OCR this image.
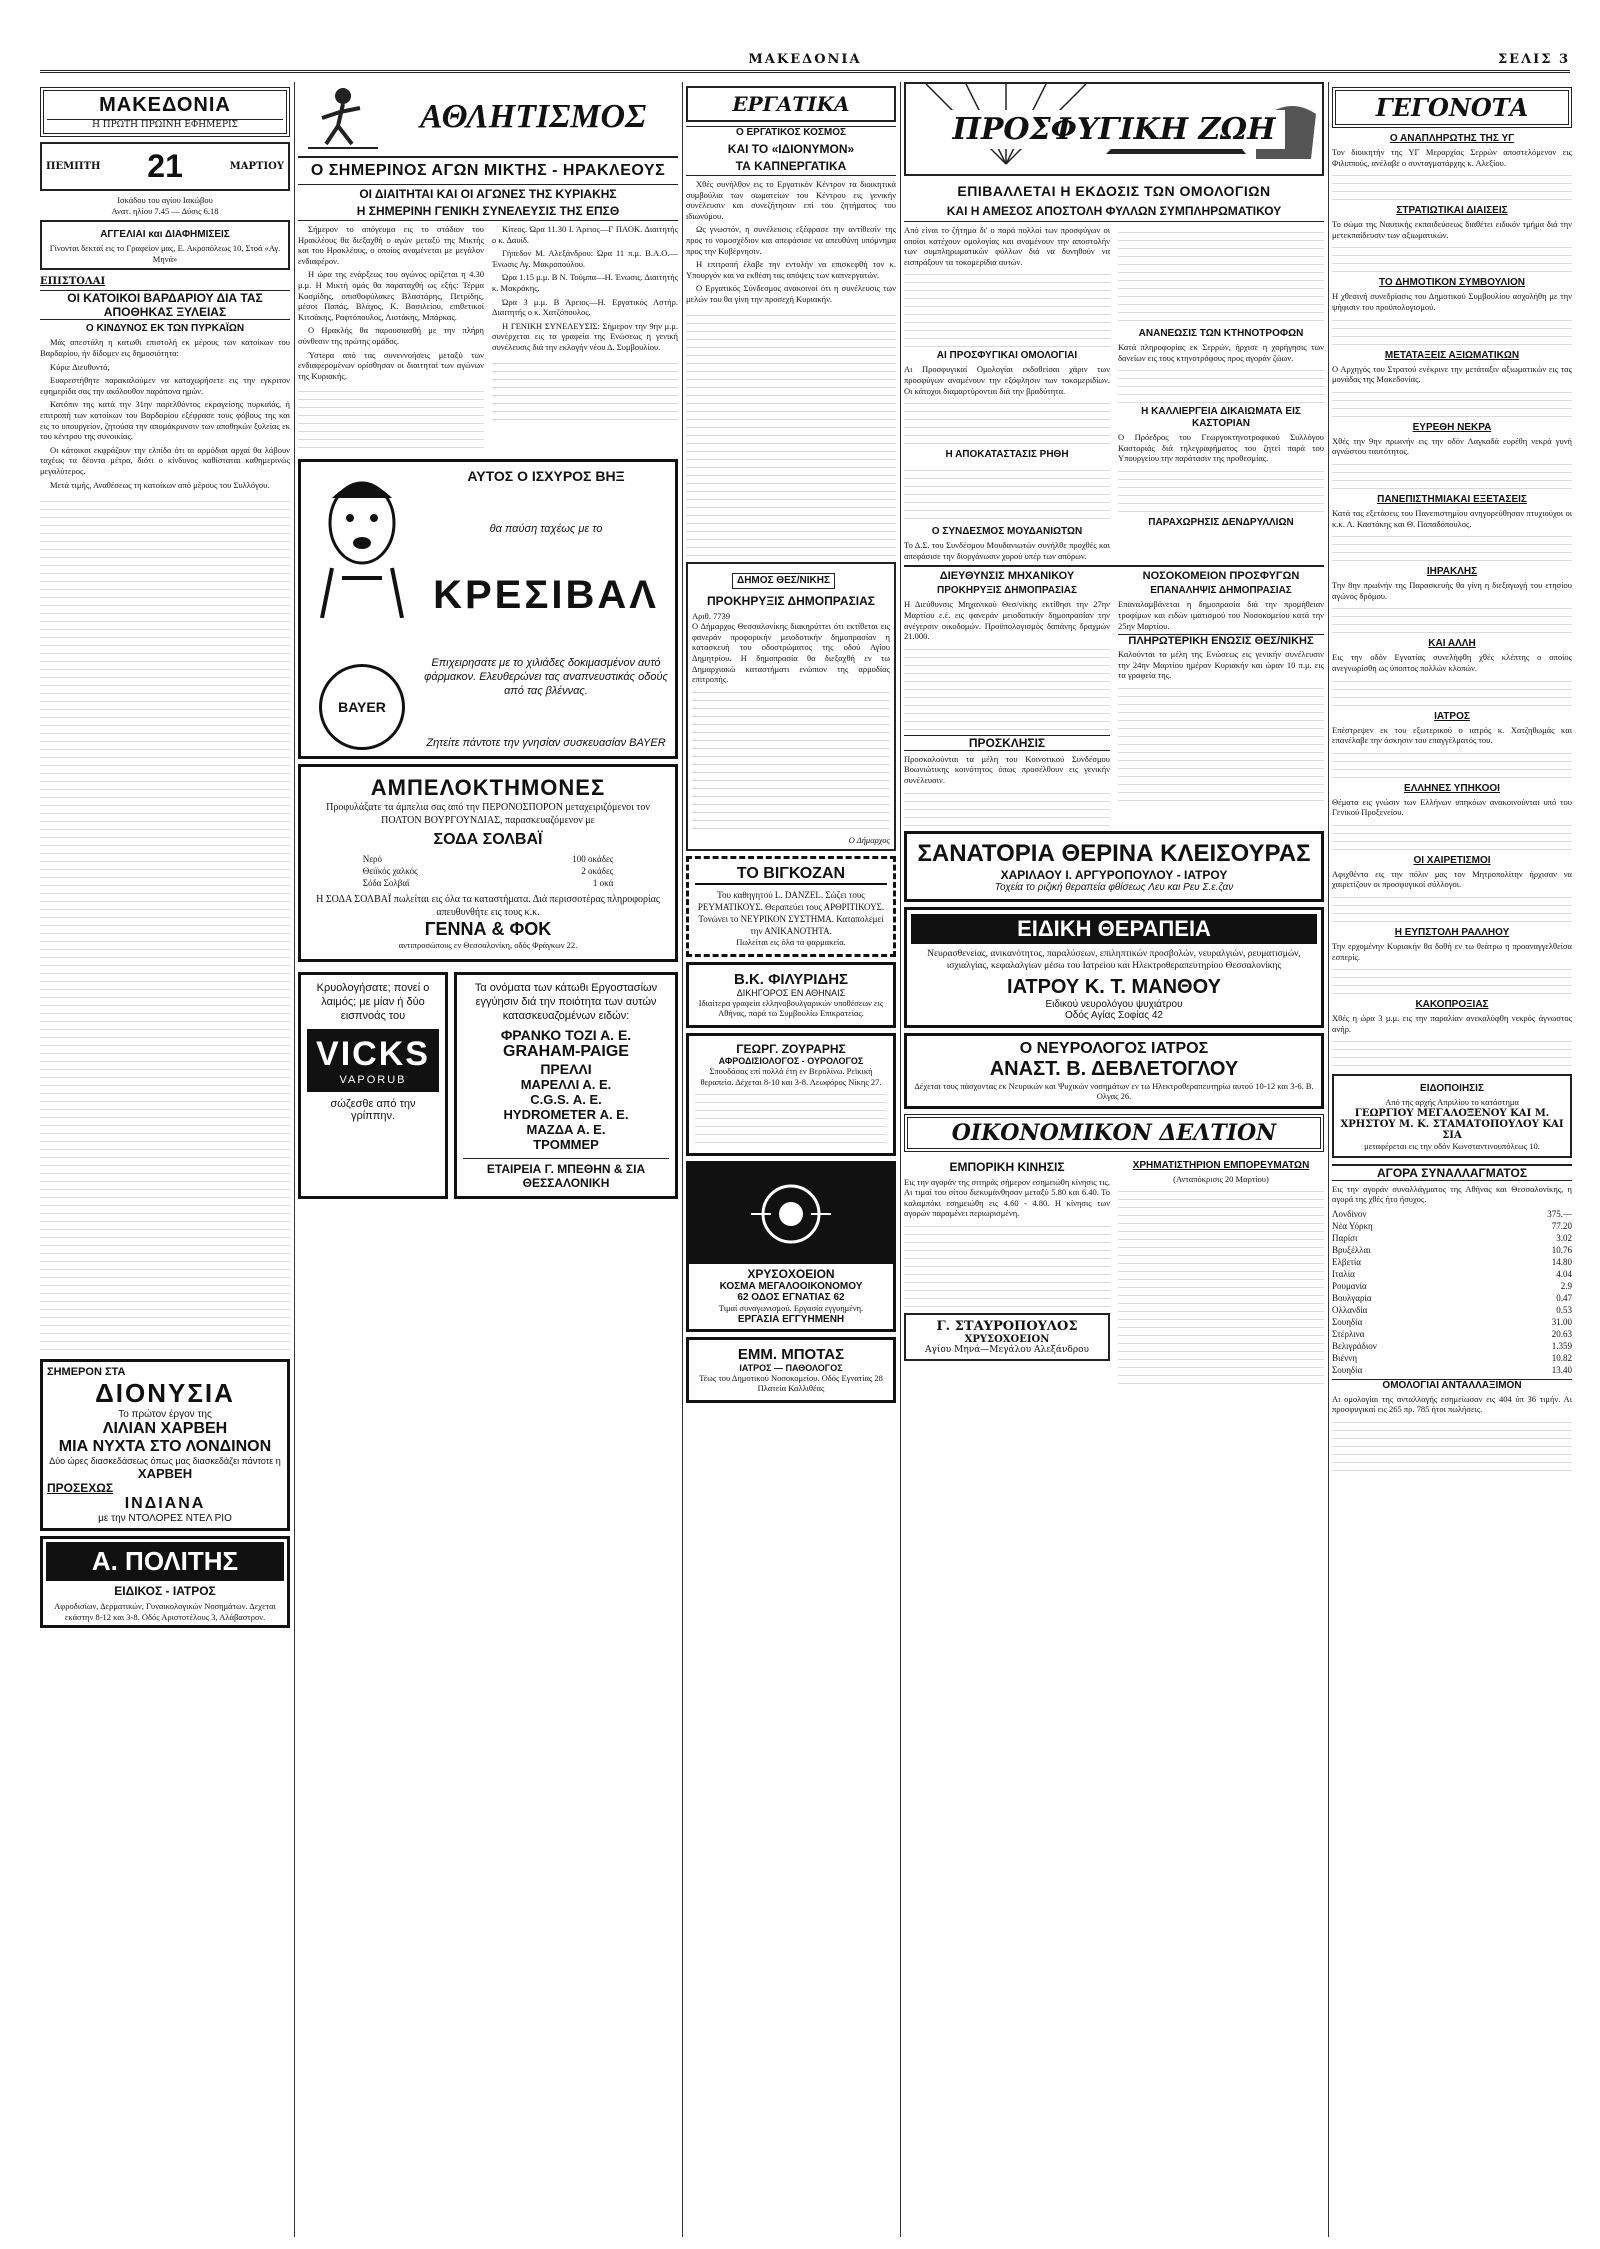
ΜΑΚΕΔΟΝΙΑ	ΣΕΛΙΣ 3
ΜΑΚΕΔΟΝΙΑ
Η ΠΡΩΤΗ ΠΡΩΙΝΗ ΕΦΗΜΕΡΙΣ
ΠΕΜΠΤΗ 21	ΜΑΡΤΙΟΥ
Ισκάδου του αγίου Ιακώβου
Ανατ. ηλίου 7.45 — Δύσις 6.18
ΑΓΓΕΛΙΑΙ και ΔΙΑΦΗΜΙΣΕΙΣ
Γίνονται δεκταί εις το Γραφείον μας, Ε. Ακροπόλεως 10, Στοά «Αγ. Μηνά»
ΕΠΙΣΤΟΛΑΙ
ΟΙ ΚΑΤΟΙΚΟΙ ΒΑΡΔΑΡΙΟΥ ΔΙΑ ΤΑΣ ΑΠΟΘΗΚΑΣ ΞΥΛΕΙΑΣ
Ο ΚΙΝΔΥΝΟΣ ΕΚ ΤΩΝ ΠΥΡΚΑΪΩΝ

Μάς απεστάλη η κατωθι επιστολή εκ μέρους των κατοίκων του Βαρδαρίου, ήν δίδομεν εις δημοσιότητα:

Κύριε Διευθυντά,

Ευαρεστήθητε παρακαλούμεν να καταχωρήσετε εις την εγκριτον εφημερίδα σας την ακόλουθον παράπονα ημών.

Κατόπιν της κατά την 31ην παρελθόντος εκραγείσης πυρκαϊάς, ή επιτροπή των κατοίκων του Βαρδαρίου εξέφρασε τους φόβους της και εις το υπουργείον, ζητούσα την απομάκρυνσιν των αποθηκών ξυλείας εκ του κέντρου της συνοικίας.

Οι κάτοικοι εκφράζουν την ελπίδα ότι αι αρμόδιαι αρχαί θα λάβουν ταχέως τα δέοντα μέτρα, διότι ο κίνδυνος καθίσταται καθημερινώς μεγαλύτερος.

Μετά τιμής, Αναθέσεως τη κατοίκων από μέρους του Συλλόγου.

ΣΗΜΕΡΟΝ ΣΤΑ
ΔΙΟΝΥΣΙΑ
Το πρώτον έργον της
ΛΙΛΙΑΝ ΧΑΡΒΕΗ
ΜΙΑ ΝΥΧΤΑ ΣΤΟ ΛΟΝΔΙΝΟΝ
Δύο ώρες διασκεδάσεως όπως μας διασκεδάζει πάντοτε η
ΧΑΡΒΕΗ
ΠΡΟΣΕΧΩΣ
ΙΝΔΙΑΝΑ
με την ΝΤΟΛΟΡΕΣ ΝΤΕΛ ΡΙΟ
Α. ΠΟΛΙΤΗΣ
ΕΙΔΙΚΟΣ - ΙΑΤΡΟΣ
Αφροδισίων, Δερματικών, Γυναικολογικών Νοσημάτων. Δεχεται εκάστην 8-12 και 3-8. Οδός Αριστοτέλους 3, Αλάβαστρον.
ΑΘΛΗΤΙΣΜΟΣ
Ο ΣΗΜΕΡΙΝΟΣ ΑΓΩΝ ΜΙΚΤΗΣ - ΗΡΑΚΛΕΟΥΣ
ΟΙ ΔΙΑΙΤΗΤΑΙ ΚΑΙ ΟΙ ΑΓΩΝΕΣ ΤΗΣ ΚΥΡΙΑΚΗΣ
Η ΣΗΜΕΡΙΝΗ ΓΕΝΙΚΗ ΣΥΝΕΛΕΥΣΙΣ ΤΗΣ ΕΠΣΘ

Σήμερον το απόγευμα εις το στάδιον του Ηρακλέους θα διεξαχθή ο αγών μεταξύ της Μικτής και του Ηρακλέους, ο οποίος αναμένεται με μεγάλον ενδιαφέρον.

Η ώρα της ενάρξεως του αγώνος ορίζεται η 4.30 μ.μ. Η Μικτή ομάς θα παραταχθή ως εξής: Τέρμα Κοσμίδης, οπισθοφύλακες Βλαστάρης, Πετρίδης, μέσοι Παπάς, Βλάχος, Κ. Βασιλείου, επιθετικοί Κιτσάκης, Ραφτόπουλος, Λιοτάκης, Μπάρκας.

Ο Ηρακλής θα παρουσιασθή με την πλήρη σύνθεσιν της πρώτης ομάδος.

Ύστερα από τας συνεννοήσεις μεταξύ των ενδιαφερομένων ορίσθησαν οι διαιτηταί των αγώνων της Κυριακής.

Κίτεος. Ώρα 11.30 Ι. Άρειος—Γ ΠΑΟΚ. Διαιτητής ο κ. Δαυίδ.

Γήπεδον Μ. Αλεξάνδρου: Ώρα 11 π.μ. Β.Α.Ο.—Ένωσις Αγ. Μακροπούλου.

Ώρα 1.15 μ.μ. Β Ν. Τούμπα—Η. Ένωσις. Διαιτητής κ. Μακράκης.

Ώρα 3 μ.μ. Β Άρειος—Η. Εργατικός Αστήρ. Διαιτητής ο κ. Χατζόπουλος.

Η ΓΕΝΙΚΗ ΣΥΝΕΛΕΥΣΙΣ: Σήμερον την 9ην μ.μ. συνέρχεται εις τα γραφεία της Ενώσεως η γενική συνέλευσις διά την εκλογήν νέου Δ. Συμβουλίου.

BAYER
ΑΥΤΟΣ Ο ΙΣΧΥΡΟΣ ΒΗΞ
θα παύση ταχέως με το
ΚΡΕΣΙΒΑΛ
Επιχειρησατε με το χιλιάδες δοκιμασμένον αυτό φάρμακον. Ελευθερώνει τας αναπνευστικάς οδούς από τας βλέννας.
Ζητείτε πάντοτε την γνησίαν συσκευασίαν BAYER
ΑΜΠΕΛΟΚΤΗΜΟΝΕΣ
Προφυλάξατε τα άμπελια σας από την ΠΕΡΟΝΟΣΠΟΡΟΝ μεταχειριζόμενοι τον ΠΟΛΤΟΝ ΒΟΥΡΓΟΥΝΔΙΑΣ, παρασκευαζόμενον με
ΣΟΔΑ ΣΟΛΒΑΪ
Νερό	100 οκάδες
Θειϊκός χαλκός	2 οκάδες
Σόδα Σολβαϊ	1 οκά
Η ΣΟΔΑ ΣΟΛΒΑΪ πωλείται εις όλα τα καταστήματα. Διά περισσοτέρας πληροφορίας απευθυνθήτε εις τους κ.κ.
ΓΕΝΝΑ & ΦΟΚ
αντιπροσώπους εν Θεσσαλονίκη, οδός Φράγκων 22.
Κρυολογήσατε; πονεί ο λαιμός; με μίαν ή δύο εισπνοάς του
VICKS
VAPORUB
σώζεσθε από την γρίππην.
Τα ονόματα των κάτωθι Εργοστασίων εγγύησιν διά την ποιότητα των αυτών κατασκευαζομένων ειδών:
ΦΡΑΝΚΟ ΤΟΖΙ Α. Ε.
GRAHAM-PAIGE
ΠΡΕΛΛΙ
ΜΑΡΕΛΛΙ Α. Ε.
C.G.S. Α. Ε.
HYDROMETER Α. Ε.
ΜΑΖΔΑ Α. Ε.
ΤΡΟΜΜΕΡ
ΕΤΑΙΡΕΙΑ Γ. ΜΠΕΘΗΝ & ΣΙΑ
ΘΕΣΣΑΛΟΝΙΚΗ
ΕΡΓΑΤΙΚΑ
Ο ΕΡΓΑΤΙΚΟΣ ΚΟΣΜΟΣ
ΚΑΙ ΤΟ «ΙΔΙΟΝΥΜΟΝ»
ΤΑ ΚΑΠΝΕΡΓΑΤΙΚΑ

Χθές συνήλθον εις το Εργατικόν Κέντρον τα διοικητικά συμβούλια των σωματείων του Κέντρου εις γενικήν συνέλευσιν και συνεζήτησαν επί του ζητήματος του ιδιωνύμου.

Ως γνωστόν, η συνέλευσις εξέφρασε την αντίθεσίν της προς το νομοσχέδιον και απεφάσισε να απευθύνη υπόμνημα προς την Κυβέρνησιν.

Η επιτροπή έλαβε την εντολήν να επισκεφθή τον κ. Υπουργόν και να εκθέση τας απόψεις των καπνεργατών.

Ο Εργατικός Σύνδεσμος ανακοινοί ότι η συνέλευσις των μελών του θα γίνη την προσεχή Κυριακήν.

ΔΗΜΟΣ ΘΕΣ/ΝΙΚΗΣ
ΠΡΟΚΗΡΥΞΙΣ ΔΗΜΟΠΡΑΣΙΑΣ
Αριθ. 7739
Ο Δήμαρχος Θεσσαλονίκης διακηρύττει ότι εκτίθεται εις φανεράν προφορικήν μειοδοτικήν δημοπρασίαν η κατασκευή του οδοστρώματος της οδού Αγίου Δημητρίου. Η δημοπρασία θα διεξαχθή εν τω Δημαρχιακώ καταστήματι ενώπιον της αρμοδίας επιτροπής.
Ο Δήμαρχος
ΤΟ ΒΙΓΚΟΖΑΝ
Του καθηγητού L. DANZEL. Σώζει τους ΡΕΥΜΑΤΙΚΟΥΣ. Θεραπεύει τους ΑΡΘΡΙΤΙΚΟΥΣ. Τονώνει το ΝΕΥΡΙΚΟΝ ΣΥΣΤΗΜΑ. Καταπολεμεί την ΑΝΙΚΑΝΟΤΗΤΑ.
Πωλείται εις όλα τα φαρμακεία.
Β.Κ. ΦΙΛΥΡΙΔΗΣ
ΔΙΚΗΓΟΡΟΣ ΕΝ ΑΘΗΝΑΙΣ
Ιδιαίτερα γραφεία ελληνοβουλγαρικών υποθέσεων εις Αθήνας, παρά τω Συμβουλίω Επικρατείας.
ΓΕΩΡΓ. ΖΟΥΡΑΡΗΣ
ΑΦΡΟΔΙΣΙΟΛΟΓΟΣ - ΟΥΡΟΛΟΓΟΣ
Σπουδάσας επί πολλά έτη εν Βερολίνω. Ρεϊκική θεραπεία. Δέχεται 8-10 και 3-8. Λεωφόρος Νίκης 27.
ΧΡΥΣΟΧΟΕΙΟΝ
ΚΟΣΜΑ ΜΕΓΑΛΟΟΙΚΟΝΟΜΟΥ
62 ΟΔΟΣ ΕΓΝΑΤΙΑΣ 62
Τιμαί συναγωνισμού. Εργασία εγγυημένη.
ΕΡΓΑΣΙΑ ΕΓΓΥΗΜΕΝΗ
ΕΜΜ. ΜΠΟΤΑΣ
ΙΑΤΡΟΣ — ΠΑΘΟΛΟΓΟΣ
Τέως του Δημοτικού Νοσοκομείου. Οδός Εγνατίας 28 Πλατεία Καλλιθέας
ΠΡΟΣΦΥΓΙΚΗ ΖΩΗ
ΕΠΙΒΑΛΛΕΤΑΙ Η ΕΚΔΟΣΙΣ ΤΩΝ ΟΜΟΛΟΓΙΩΝ
ΚΑΙ Η ΑΜΕΣΟΣ ΑΠΟΣΤΟΛΗ ΦΥΛΛΩΝ ΣΥΜΠΛΗΡΩΜΑΤΙΚΟΥ
Από είναι το ζήτημα δι' ο παρά πολλοί των προσφύγων οι οποίοι κατέχουν ομολογίας και αναμένουν την αποστολήν των συμπληρωματικών φύλλων διά να δυνηθούν να εισπράξουν τα τοκομερίδια αυτών.
ΑΙ ΠΡΟΣΦΥΓΙΚΑΙ ΟΜΟΛΟΓΙΑΙ
Αι Προσφυγικαί Ομολογίαι εκδοθείσαι χάριν των προσφύγων αναμένουν την εξόφλησιν των τοκομεριδίων. Οι κάτοχοι διαμαρτύρονται διά την βραδύτητα.
Η ΑΠΟΚΑΤΑΣΤΑΣΙΣ ΡΗΘΗ
Ο ΣΥΝΔΕΣΜΟΣ ΜΟΥΔΑΝΙΩΤΩΝ
Το Δ.Σ. του Συνδέσμου Μουδανιωτών συνήλθε προχθές και απεφάσισε την διοργάνωσιν χορού υπέρ των απόρων.
ΑΝΑΝΕΩΣΙΣ ΤΩΝ ΚΤΗΝΟΤΡΟΦΩΝ
Κατά πληροφορίας εκ Σερρών, ήρχισε η χορήγησις των δανείων εις τους κτηνοτρόφους προς αγοράν ζώων.
Η ΚΑΛΛΙΕΡΓΕΙΑ ΔΙΚΑΙΩΜΑΤΑ ΕΙΣ ΚΑΣΤΟΡΙΑΝ
Ο Πρόεδρος του Γεωργοκτηνοτροφικού Συλλόγου Καστοριάς διά τηλεγραφήματος του ζητεί παρά του Υπουργείου την παράτασιν της προθεσμίας.
ΠΑΡΑΧΩΡΗΣΙΣ ΔΕΝΔΡΥΛΛΙΩΝ
ΔΙΕΥΘΥΝΣΙΣ ΜΗΧΑΝΙΚΟΥ
ΠΡΟΚΗΡΥΞΙΣ ΔΗΜΟΠΡΑΣΙΑΣ
Η Διεύθυνσις Μηχανικού Θεσ/νίκης εκτίθησι την 27ην Μαρτίου ε.έ. εις φανεράν μειοδοτικήν δημοπρασίαν την ανέγερσιν οικοδομών. Προϋπολογισμός δαπάνης δραχμών 21.000.
ΠΡΟΣΚΛΗΣΙΣ
Προσκαλούνται τα μέλη του Κοινοτικού Συνδέσμου Βοωνιώτικης κοινότητος όπως προσέλθουν εις γενικήν συνέλευσιν.
ΝΟΣΟΚΟΜΕΙΟΝ ΠΡΟΣΦΥΓΩΝ
ΕΠΑΝΑΛΗΨΙΣ ΔΗΜΟΠΡΑΣΙΑΣ
Επαναλαμβάνεται η δημοπρασία διά την προμήθειαν τροφίμων και ειδών ιματισμού του Νοσοκομείου κατά την 25ην Μαρτίου.
ΠΛΗΡΩΤΕΡΙΚΗ ΕΝΩΣΙΣ ΘΕΣ/ΝΙΚΗΣ
Καλούνται τα μέλη της Ενώσεως εις γενικήν συνέλευσιν την 24ην Μαρτίου ημέραν Κυριακήν και ώραν 10 π.μ. εις τα γραφεία της.
ΣΑΝΑΤΟΡΙΑ ΘΕΡΙΝΑ ΚΛΕΙΣΟΥΡΑΣ
ΧΑΡΙΛΑΟΥ Ι. ΑΡΓΥΡΟΠΟΥΛΟΥ - ΙΑΤΡΟΥ
Τοχεία το ριζική θεραπεία φθίσεως Λευ και Ρευ Σ.ε.ζαν
ΕΙΔΙΚΗ ΘΕΡΑΠΕΙΑ
Νευρασθενείας, ανικανότητος, παραλύσεων, επιληπτικών προσβολών, νευραλγιών, ρευματισμών, ισχιαλγίας, κεφαλαλγίων μέσω του Ιατρείου και Ηλεκτροθεραπευτηρίου Θεσσαλονίκης
ΙΑΤΡΟΥ Κ. Τ. ΜΑΝΘΟΥ
Ειδικού νευρολόγου ψυχιάτρου
Οδός Αγίας Σοφίας 42
Ο ΝΕΥΡΟΛΟΓΟΣ ΙΑΤΡΟΣ
ΑΝΑΣΤ. Β. ΔΕΒΛΕΤΟΓΛΟΥ
Δέχεται τους πάσχοντας εκ Νευρικών και Ψυχικών νοσημάτων εν τω Ηλεκτροθεραπευτηρίω αυτού 10-12 και 3-6. Β. Ολγας 26.
ΟΙΚΟΝΟΜΙΚΟΝ ΔΕΛΤΙΟΝ
ΕΜΠΟΡΙΚΗ ΚΙΝΗΣΙΣ
Εις την αγοράν της σιτηράς σήμερον εσημειώθη κίνησις τις. Αι τιμαί του σίτου διεκυμάνθησαν μεταξύ 5.80 και 6.40. Το καλαμπόκι εσημειώθη εις 4.60 - 4.80. Η κίνησις των αγορών παραμένει περιωρισμένη.
Γ. ΣΤΑΥΡΟΠΟΥΛΟΣ
ΧΡΥΣΟΧΟΕΙΟΝ
Αγίου Μηνά—Μεγάλου Αλεξάνδρου
ΧΡΗΜΑΤΙΣΤΗΡΙΟΝ ΕΜΠΟΡΕΥΜΑΤΩΝ
(Ανταπόκρισις 20 Μαρτίου)
ΓΕΓΟΝΟΤΑ
Ο ΑΝΑΠΛΗΡΩΤΗΣ ΤΗΣ ΥΓ
Τον διοικητήν της ΥΓ Μεραρχίας Σερρών αποστελόμενον εις Φιλιππούς, ανέλαβε ο συνταγματάρχης κ. Αλεξίου.
ΣΤΡΑΤΙΩΤΙΚΑΙ ΔΙΑΙΣΕΙΣ
Το σώμα της Ναυτικής εκπαιδεύσεως διαθέτει ειδικόν τμήμα διά την μετεκπαίδευσιν των αξιωματικών.
ΤΟ ΔΗΜΟΤΙΚΟΝ ΣΥΜΒΟΥΛΙΟΝ
Η χθεσινή συνεδρίασις του Δημοτικού Συμβουλίου ασχολήθη με την ψήφισιν του προϋπολογισμού.
ΜΕΤΑΤΑΞΕΙΣ ΑΞΙΩΜΑΤΙΚΩΝ
Ο Αρχηγός του Στρατού ενέκρινε την μετάταξιν αξιωματικών εις τας μονάδας της Μακεδονίας.
ΕΥΡΕΘΗ ΝΕΚΡΑ
Χθές την 9ην πρωινήν εις την οδόν Λαγκαδά ευρέθη νεκρά γυνή αγνώστου ταυτότητος.
ΠΑΝΕΠΙΣΤΗΜΙΑΚΑΙ ΕΞΕΤΑΣΕΙΣ
Κατά τας εξετάσεις του Πανεπιστημίου ανηγορεύθησαν πτυχιούχοι οι κ.κ. Λ. Καστάκης και Θ. Παπαδόπουλος.
ΙΗΡΑΚΛΗΣ
Την 8ην πρωϊνήν της Παρασκευής θα γίνη η διεξαγωγή του ετησίου αγώνος δρόμου.
ΚΑΙ ΑΛΛΗ
Εις την οδόν Εγνατίας συνελήφθη χθές κλέπτης ο οποίος ανεγνωρίσθη ως ύποπτος πολλών κλοπών.
ΙΑΤΡΟΣ
Επέστρεψεν εκ του εξωτερικού ο ιατρός κ. Χατζηθωμάς και επανέλαβε την άσκησιν του επαγγέλματός του.
ΕΛΛΗΝΕΣ ΥΠΗΚΟΟΙ
Θέματα εις γνώσιν των Ελλήνων υπηκόων ανακοινούνται υπό του Γενικού Προξενείου.
ΟΙ ΧΑΙΡΕΤΙΣΜΟΙ
Αφιχθέντα εις την πόλιν μας τον Μητροπολίτην ήρχισαν να χαιρετίζουν οι προσφυγικοί σύλλογοι.
Η ΕΥΠΣΤΟΛΗ ΡΑΛΛΗΟΥ
Την ερχομένην Κυριακήν θα δοθή εν τω θεάτρω η προαναγγελθείσα εσπερίς.
ΚΑΚΟΠΡΟΞΙΑΣ
Χθές η ώρα 3 μ.μ. εις την παραλίαν ανεκαλύφθη νεκρός άγνωστος ανήρ.
ΕΙΔΟΠΟΙΗΣΙΣ
Από της αρχής Απριλίου το κατάστημα
ΓΕΩΡΓΙΟΥ ΜΕΓΑΛΟΞΕΝΟΥ ΚΑΙ Μ. ΧΡΗΣΤΟΥ Μ. Κ. ΣΤΑΜΑΤΟΠΟΥΛΟΥ ΚΑΙ ΣΙΑ
μεταφέρεται εις την οδόν Κωνσταντινουπόλεως 10.
ΑΓΟΡΑ ΣΥΝΑΛΛΑΓΜΑΤΟΣ
Εις την αγοράν συναλλάγματος της Αθήνας και Θεσσαλονίκης, η αγορά της χθές ήτο ήσυχος.
Λονδίνον	375.—
Νέα Υόρκη	77.20
Παρίσι	3.02
Βρυξέλλαι	10.76
Ελβετία	14.80
Ιταλία	4.04
Ρουμανία	2.9
Βουλγαρία	0.47
Ολλανδία	0.53
Σουηδία	31.00
Στέρλινα	20.63
Βελιγράδιον	1.359
Βιέννη	10.82
Σουηδία	13.40
ΟΜΟΛΟΓΙΑΙ ΑΝΤΑΛΛΑΞΙΜΟΝ
Αι ομολογίαι της ανταλλαγής εσημείωσαν εις 404 ύπ 36 τιμήν. Αι προσφυγικαί εις 265 πρ. 785 ήτοι πωλήσεις.
